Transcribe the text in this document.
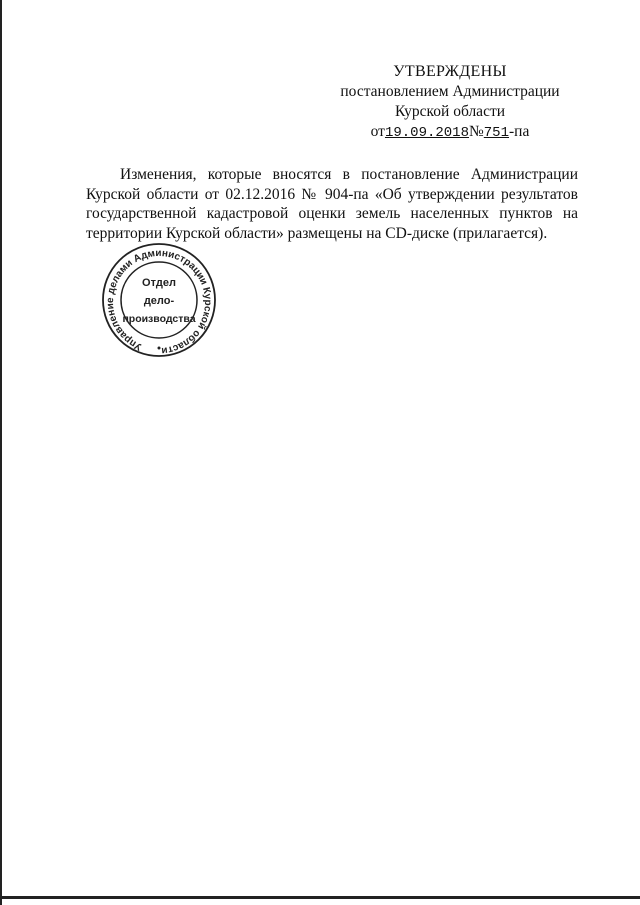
УТВЕРЖДЕНЫ
постановлением Администрации
Курской области
от19.09.2018№751-па

Изменения, которые вносятся в постановление Администрации Курской области от 02.12.2016 № 904-па «Об утверждении результатов государственной кадастровой оценки земель населенных пунктов на территории Курской области» размещены на CD-диске (прилагается).

Управление делами Администрации Курской области
Отдел
дело-
производства
